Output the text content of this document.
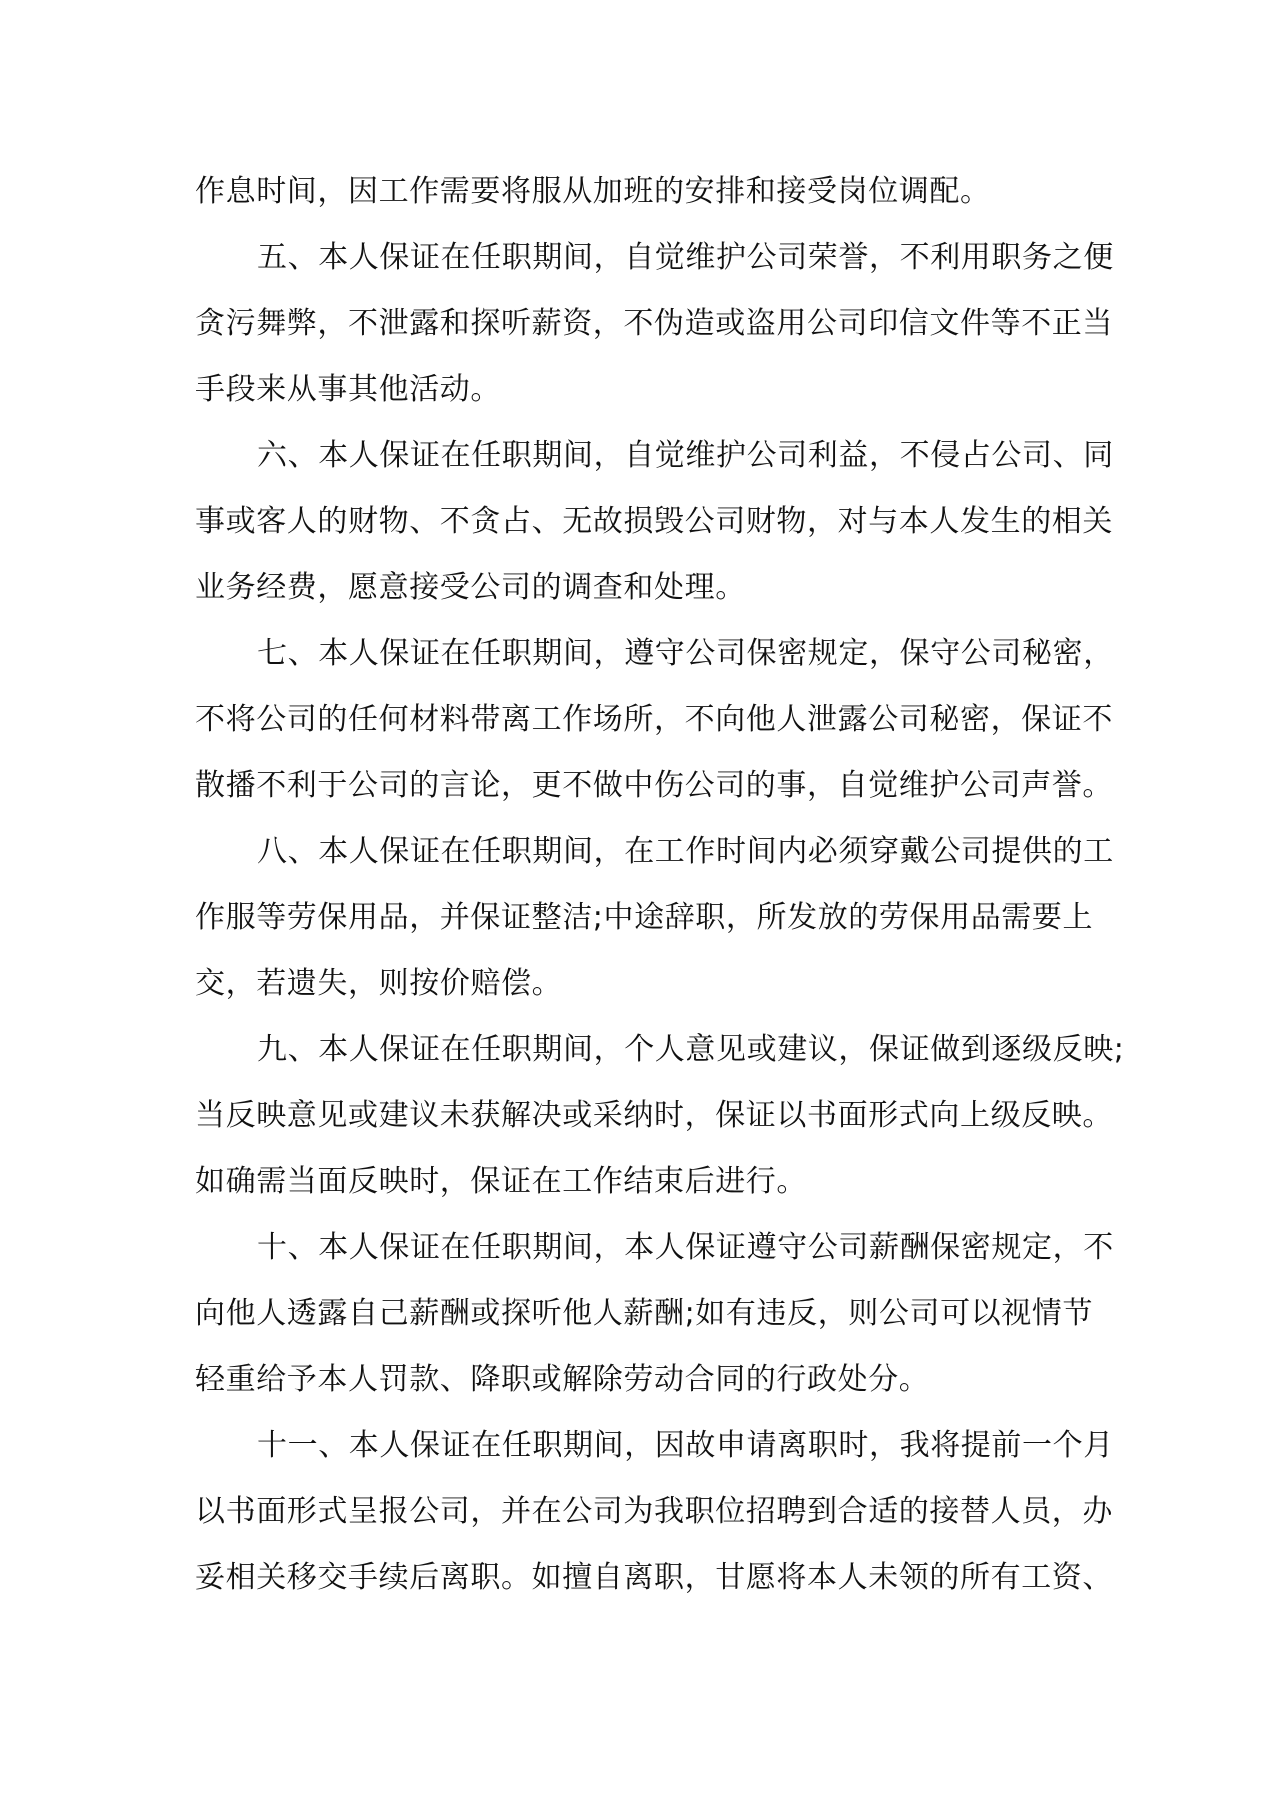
作息时间，因工作需要将服从加班的安排和接受岗位调配。
五、本人保证在任职期间，自觉维护公司荣誉，不利用职务之便
贪污舞弊，不泄露和探听薪资，不伪造或盗用公司印信文件等不正当
手段来从事其他活动。
六、本人保证在任职期间，自觉维护公司利益，不侵占公司、同
事或客人的财物、不贪占、无故损毁公司财物，对与本人发生的相关
业务经费，愿意接受公司的调查和处理。
七、本人保证在任职期间，遵守公司保密规定，保守公司秘密，
不将公司的任何材料带离工作场所，不向他人泄露公司秘密，保证不
散播不利于公司的言论，更不做中伤公司的事，自觉维护公司声誉。
八、本人保证在任职期间，在工作时间内必须穿戴公司提供的工
作服等劳保用品，并保证整洁;中途辞职，所发放的劳保用品需要上
交，若遗失，则按价赔偿。
九、本人保证在任职期间，个人意见或建议，保证做到逐级反映;
当反映意见或建议未获解决或采纳时，保证以书面形式向上级反映。
如确需当面反映时，保证在工作结束后进行。
十、本人保证在任职期间，本人保证遵守公司薪酬保密规定，不
向他人透露自己薪酬或探听他人薪酬;如有违反，则公司可以视情节
轻重给予本人罚款、降职或解除劳动合同的行政处分。
十一、本人保证在任职期间，因故申请离职时，我将提前一个月
以书面形式呈报公司，并在公司为我职位招聘到合适的接替人员，办
妥相关移交手续后离职。如擅自离职，甘愿将本人未领的所有工资、
